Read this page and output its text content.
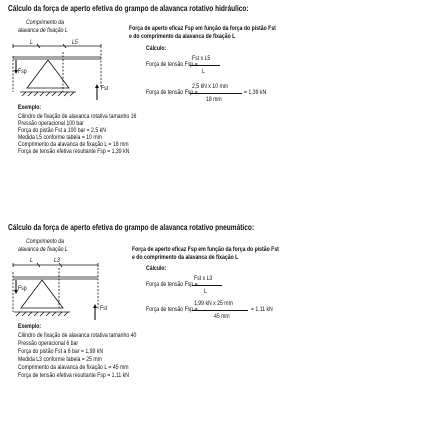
Cálculo da força de aperto efetiva do grampo de alavanca rotativo hidráulico:
Comprimento da
alavanca de fixação L
L	L5
Fsp
Fst
Força de aperto eficaz Fsp em função da força do pistão Fst
e do comprimento da alavanca de fixação L
Cálculo:
Força de tensão Fsp =
Fst x L5
L
Força de tensão Fsp =
2,5 kN x 10 mm
18 mm
= 1,39 kN
Exemplo:
Cilindro de fixação de alavanca rotativa tamanho 16
Pressão operacional 100 bar
Força do pistão Fst a 100 bar = 2,5 kN
Medida L5 conforme tabela = 10 mm
Comprimento da alavanca de fixação L = 18 mm
Força de tensão efetiva resultante Fsp = 1,39 kN
Cálculo da força de aperto efetiva do grampo de alavanca rotativo pneumático:
Comprimento da
alavanca de fixação L
L	L3
Fsp
Fst
Força de aperto eficaz Fsp em função da força do pistão Fst
e do comprimento da alavanca de fixação L
Cálculo:
Força de tensão Fsp =
Fst x L3
L
Força de tensão Fsp =
1,99 kN x 25 mm
45 mm
= 1,11 kN
Exemplo:
Cilindro de fixação de alavanca rotativa tamanho 40
Pressão operacional 6 bar
Força do pistão Fst a 6 bar = 1,99 kN
Medida L3 conforme tabela = 25 mm
Comprimento da alavanca de fixação L = 45 mm
Força de tensão efetiva resultante Fsp = 1,11 kN
